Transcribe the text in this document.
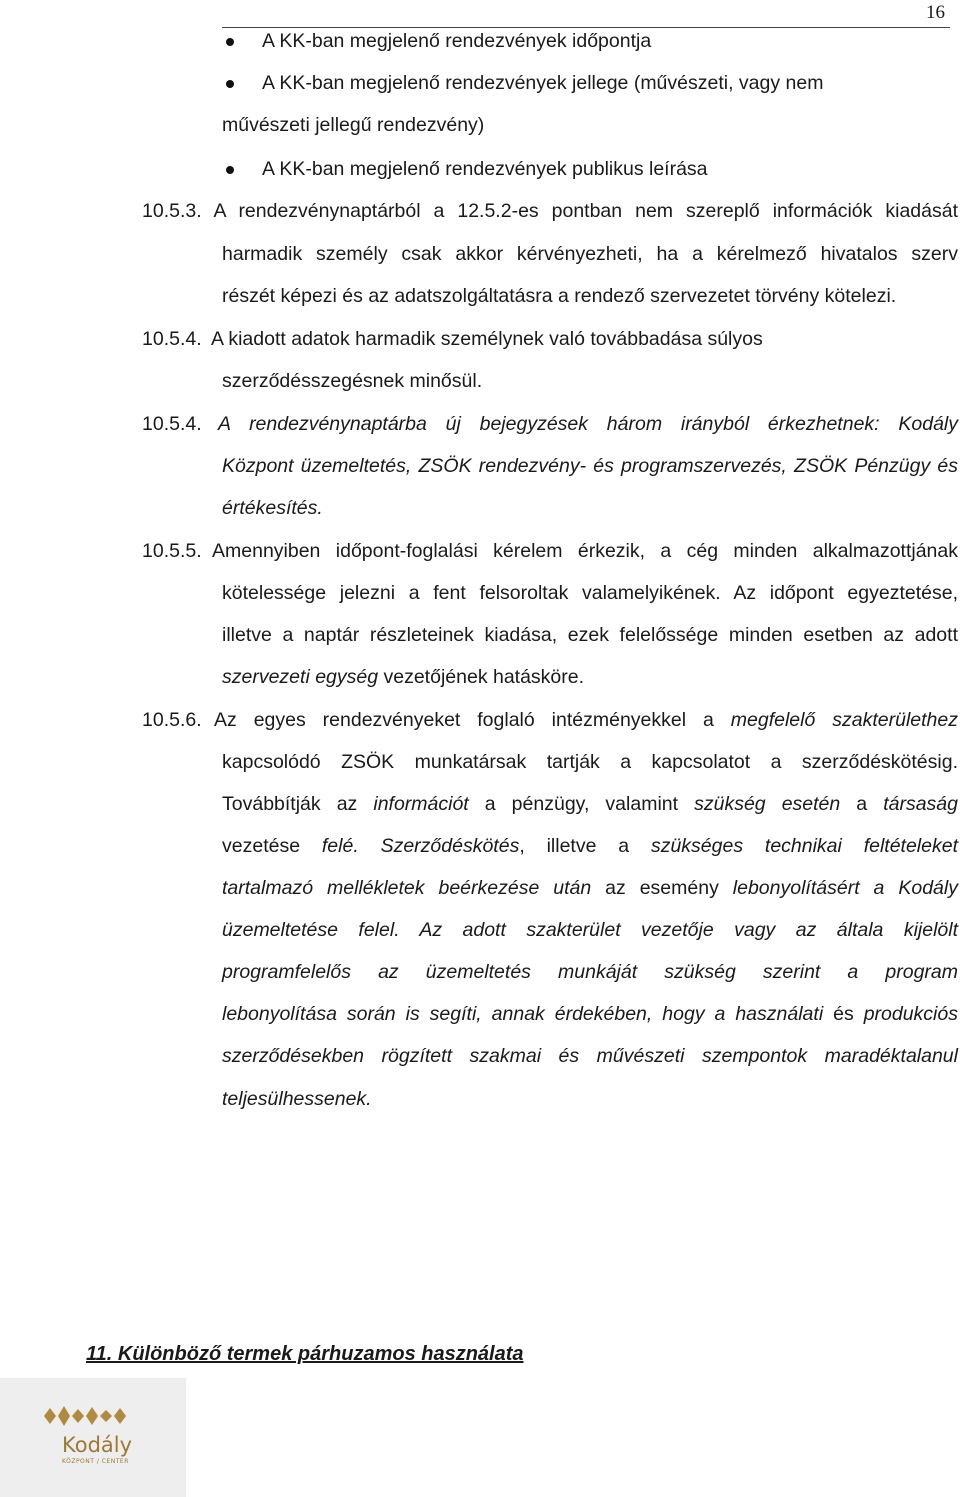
16
A KK-ban megjelenő rendezvények időpontja
A KK-ban megjelenő rendezvények jellege (művészeti, vagy nem
művészeti jellegű rendezvény)
A KK-ban megjelenő rendezvények publikus leírása
10.5.3. A rendezvénynaptárból a 12.5.2-es pontban nem szereplő információk kiadását
harmadik személy csak akkor kérvényezheti, ha a kérelmező hivatalos szerv
részét képezi és az adatszolgáltatásra a rendező szervezetet törvény kötelezi.
10.5.4. A kiadott adatok harmadik személynek való továbbadása súlyos
szerződésszegésnek minősül.
10.5.4. A rendezvénynaptárba új bejegyzések három irányból érkezhetnek: Kodály
Központ üzemeltetés, ZSÖK rendezvény- és programszervezés, ZSÖK Pénzügy és
értékesítés.
10.5.5. Amennyiben időpont-foglalási kérelem érkezik, a cég minden alkalmazottjának
kötelessége jelezni a fent felsoroltak valamelyikének. Az időpont egyeztetése,
illetve a naptár részleteinek kiadása, ezek felelőssége minden esetben az adott
szervezeti egység vezetőjének hatásköre.
10.5.6. Az egyes rendezvényeket foglaló intézményekkel a megfelelő szakterülethez
kapcsolódó ZSÖK munkatársak tartják a kapcsolatot a szerződéskötésig.
Továbbítják az információt a pénzügy, valamint szükség esetén a társaság
vezetése felé. Szerződéskötés, illetve a szükséges technikai feltételeket
tartalmazó mellékletek beérkezése után az esemény lebonyolításért a Kodály
üzemeltetése felel. Az adott szakterület vezetője vagy az általa kijelölt
programfelelős az üzemeltetés munkáját szükség szerint a program
lebonyolítása során is segíti, annak érdekében, hogy a használati és produkciós
szerződésekben rögzített szakmai és művészeti szempontok maradéktalanul
teljesülhessenek.
11. Különböző termek párhuzamos használata
Kodály
KÖZPONT / CENTER
